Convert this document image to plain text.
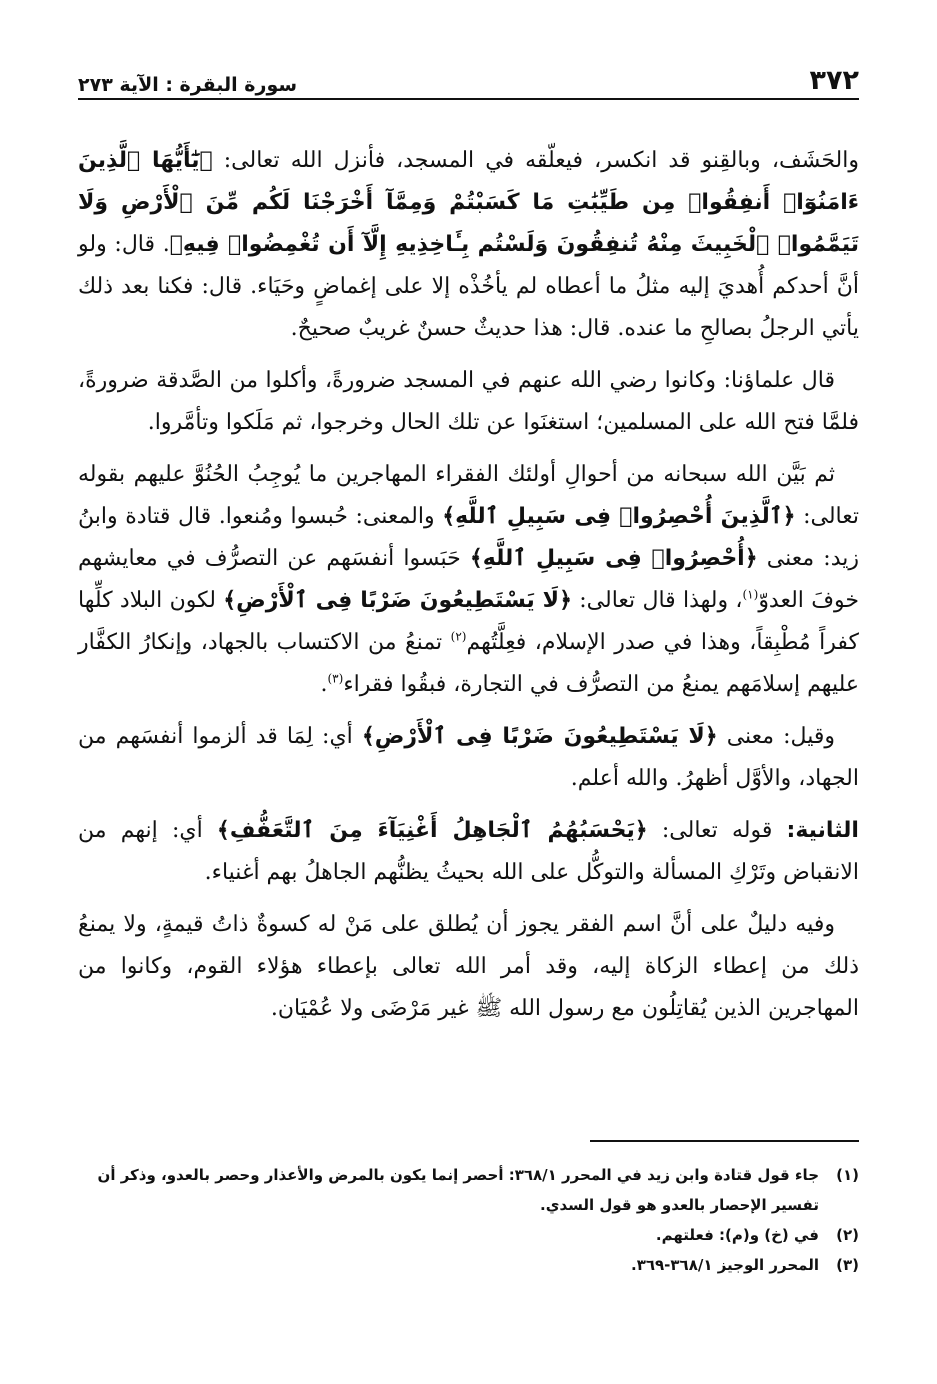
٣٧٢
سورة البقرة : الآية ٢٧٣

والحَشَف، وبالقِنو قد انكسر، فيعلّقه في المسجد، فأنزل الله تعالى: ﴿يَٰٓأَيُّهَا ٱلَّذِينَ ءَامَنُوٓا۟ أَنفِقُوا۟ مِن طَيِّبَٰتِ مَا كَسَبْتُمْ وَمِمَّآ أَخْرَجْنَا لَكُم مِّنَ ٱلْأَرْضِ وَلَا تَيَمَّمُوا۟ ٱلْخَبِيثَ مِنْهُ تُنفِقُونَ وَلَسْتُم بِـَٔاخِذِيهِ إِلَّآ أَن تُغْمِضُوا۟ فِيهِ﴾. قال: ولو أنَّ أحدكم أُهديَ إليه مثلُ ما أعطاه لم يأخُذْه إلا على إغماضٍ وحَيَاء. قال: فكنا بعد ذلك يأتي الرجلُ بصالحِ ما عنده. قال: هذا حديثٌ حسنٌ غريبٌ صحيحٌ.

قال علماؤنا: وكانوا رضي الله عنهم في المسجد ضرورةً، وأكلوا من الصَّدقة ضرورةً، فلمَّا فتح الله على المسلمين؛ استغنَوا عن تلك الحال وخرجوا، ثم مَلَكوا وتأمَّروا.

ثم بَيَّن الله سبحانه من أحوالِ أولئك الفقراء المهاجرين ما يُوجِبُ الحُنُوَّ عليهم بقوله تعالى: ﴿ٱلَّذِينَ أُحْصِرُوا۟ فِى سَبِيلِ ٱللَّهِ﴾ والمعنى: حُبسوا ومُنعوا. قال قتادة وابنُ زيد: معنى ﴿أُحْصِرُوا۟ فِى سَبِيلِ ٱللَّهِ﴾ حَبَسوا أنفسَهم عن التصرُّف في معايشهم خوفَ العدوّ$^{(١)}$، ولهذا قال تعالى: ﴿لَا يَسْتَطِيعُونَ ضَرْبًا فِى ٱلْأَرْضِ﴾ لكون البلاد كلِّها كفراً مُطْبِقاً، وهذا في صدر الإسلام، فعِلَّتُهم$^{(٢)}$ تمنعُ من الاكتساب بالجهاد، وإنكارُ الكفَّار عليهم إسلامَهم يمنعُ من التصرُّف في التجارة، فبقُوا فقراء$^{(٣)}$.

وقيل: معنى ﴿لَا يَسْتَطِيعُونَ ضَرْبًا فِى ٱلْأَرْضِ﴾ أي: لِمَا قد ألزموا أنفسَهم من الجهاد، والأوَّل أظهرُ. والله أعلم.

الثانية: قوله تعالى: ﴿يَحْسَبُهُمُ ٱلْجَاهِلُ أَغْنِيَآءَ مِنَ ٱلتَّعَفُّفِ﴾ أي: إنهم من الانقباض وتَرْكِ المسألة والتوكُّل على الله بحيثُ يظنُّهم الجاهلُ بهم أغنياء.

وفيه دليلٌ على أنَّ اسم الفقر يجوز أن يُطلق على مَنْ له كسوةٌ ذاتُ قيمةٍ، ولا يمنعُ ذلك من إعطاء الزكاة إليه، وقد أمر الله تعالى بإعطاء هؤلاء القوم، وكانوا من المهاجرين الذين يُقاتِلُون مع رسول الله ﷺ غير مَرْضَى ولا عُمْيَان.

(١)
جاء قول قتادة وابن زيد في المحرر ٣٦٨/١: أحصر إنما يكون بالمرض والأعذار وحصر بالعدو، وذكر أن تفسير الإحصار بالعدو هو قول السدي.
(٢)
في (خ) و(م): فعلتهم.
(٣)
المحرر الوجيز ٣٦٨/١-٣٦٩.
